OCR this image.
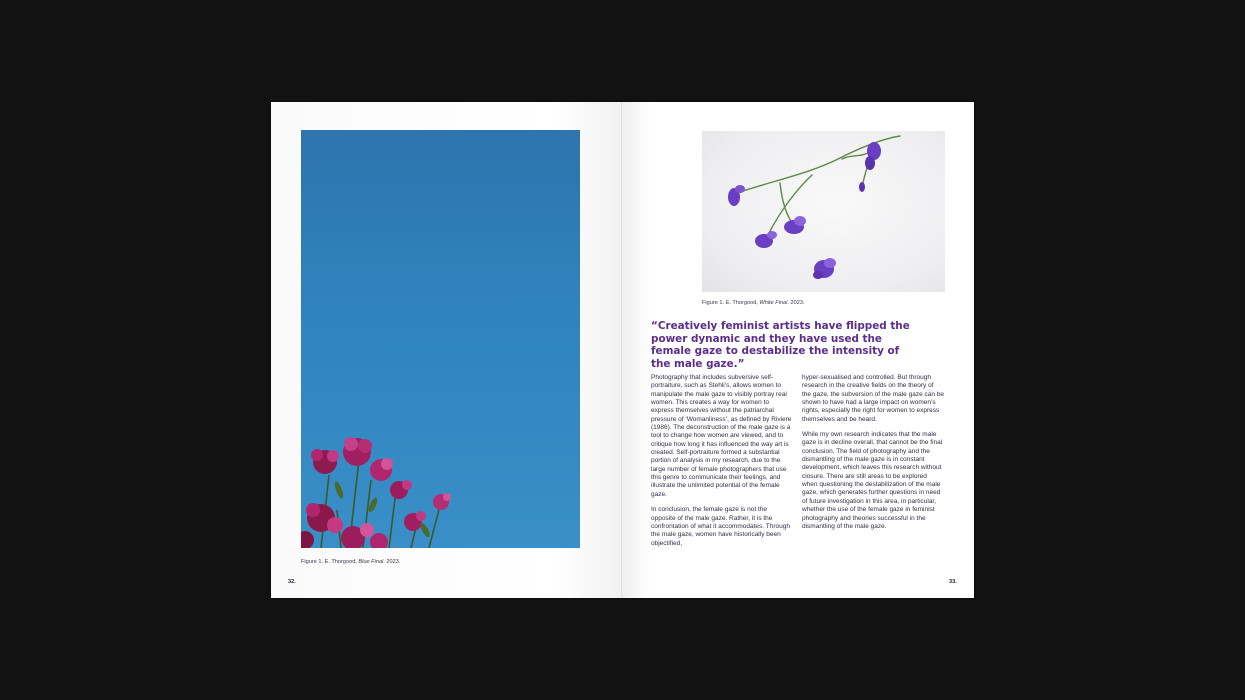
Figure 1. E. Thorgood, Blue Final. 2023.
32.
Figure 1. E. Thorgood, White Final. 2023.

“Creatively feminist artists have flipped the power dynamic and they have used the female gaze to destabilize the intensity of the male gaze.”

Photography that includes subversive self-portraiture, such as Stehli’s, allows women to manipulate the male gaze to visibly portray real women. This creates a way for women to express themselves without the patriarchal pressure of ‘Womanliness’, as defined by Riviere (1986). The deconstruction of the male gaze is a tool to change how women are viewed, and to critique how long it has influenced the way art is created. Self-portraiture formed a substantial portion of analysis in my research, due to the large number of female photographers that use this genre to communicate their feelings, and illustrate the unlimited potential of the female gaze.

In conclusion, the female gaze is not the opposite of the male gaze. Rather, it is the confrontation of what it accommodates. Through the male gaze, women have historically been objectified,

hyper-sexualised and controlled. But through research in the creative fields on the theory of the gaze, the subversion of the male gaze can be shown to have had a large impact on women’s rights, especially the right for women to express themselves and be heard.

While my own research indicates that the male gaze is in decline overall, that cannot be the final conclusion. The field of photography and the dismantling of the male gaze is in constant development, which leaves this research without closure. There are still areas to be explored when questioning the destabilization of the male gaze, which generates further questions in need of future investigation in this area, in particular, whether the use of the female gaze in feminist photography and theories successful in the dismantling of the male gaze.

33.
